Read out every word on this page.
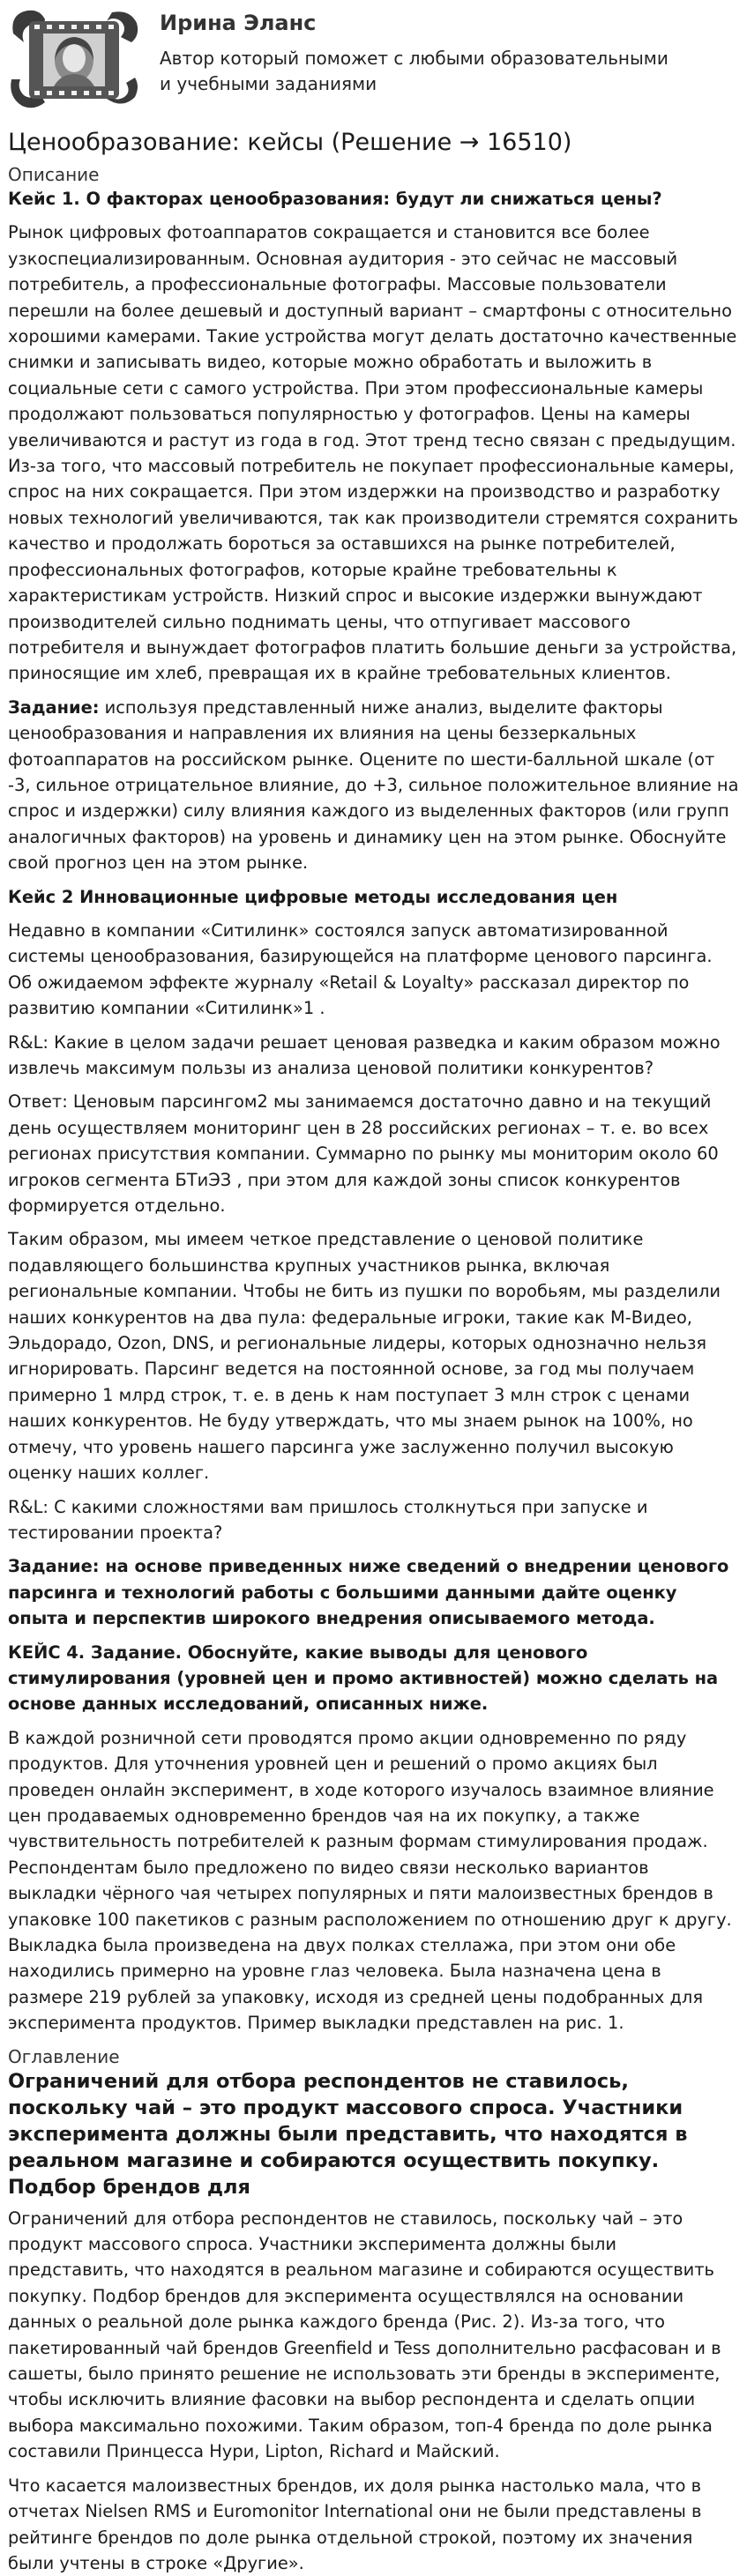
Ирина Эланс
Автор который поможет с любыми образовательными и учебными заданиями
Ценообразование: кейсы (Решение → 16510)
Описание
Кейс 1. О факторах ценообразования: будут ли снижаться цены?

Рынок цифровых фотоаппаратов сокращается и становится все более узкоспециализированным. Основная аудитория - это сейчас не массовый потребитель, а профессиональные фотографы. Массовые пользователи перешли на более дешевый и доступный вариант – смартфоны с относительно хорошими камерами. Такие устройства могут делать достаточно качественные снимки и записывать видео, которые можно обработать и выложить в социальные сети с самого устройства. При этом профессиональные камеры продолжают пользоваться популярностью у фотографов. Цены на камеры увеличиваются и растут из года в год. Этот тренд тесно связан с предыдущим. Из-за того, что массовый потребитель не покупает профессиональные камеры, спрос на них сокращается. При этом издержки на производство и разработку новых технологий увеличиваются, так как производители стремятся сохранить качество и продолжать бороться за оставшихся на рынке потребителей, профессиональных фотографов, которые крайне требовательны к характеристикам устройств. Низкий спрос и высокие издержки вынуждают производителей сильно поднимать цены, что отпугивает массового потребителя и вынуждает фотографов платить большие деньги за устройства, приносящие им хлеб, превращая их в крайне требовательных клиентов.

Задание: используя представленный ниже анализ, выделите факторы ценообразования и направления их влияния на цены беззеркальных фотоаппаратов на российском рынке. Оцените по шести-балльной шкале (от -3, сильное отрицательное влияние, до +3, сильное положительное влияние на спрос и издержки) силу влияния каждого из выделенных факторов (или групп аналогичных факторов) на уровень и динамику цен на этом рынке. Обоснуйте свой прогноз цен на этом рынке.

Кейс 2 Инновационные цифровые методы исследования цен

Недавно в компании «Ситилинк» состоялся запуск автоматизированной системы ценообразования, базирующейся на платформе ценового парсинга. Об ожидаемом эффекте журналу «Retail & Loyalty» рассказал директор по развитию компании «Ситилинк»1 .

R&L: Какие в целом задачи решает ценовая разведка и каким образом можно извлечь максимум пользы из анализа ценовой политики конкурентов?

Ответ: Ценовым парсингом2 мы занимаемся достаточно давно и на текущий день осуществляем мониторинг цен в 28 российских регионах – т. е. во всех регионах присутствия компании. Суммарно по рынку мы мониторим около 60 игроков сегмента БТиЭЗ , при этом для каждой зоны список конкурентов формируется отдельно.

Таким образом, мы имеем четкое представление о ценовой политике подавляющего большинства крупных участников рынка, включая региональные компании. Чтобы не бить из пушки по воробьям, мы разделили наших конкурентов на два пула: федеральные игроки, такие как М-Видео, Эльдорадо, Ozon, DNS, и региональные лидеры, которых однозначно нельзя игнорировать. Парсинг ведется на постоянной основе, за год мы получаем примерно 1 млрд строк, т. е. в день к нам поступает 3 млн строк с ценами наших конкурентов. Не буду утверждать, что мы знаем рынок на 100%, но отмечу, что уровень нашего парсинга уже заслуженно получил высокую оценку наших коллег.

R&L: С какими сложностями вам пришлось столкнуться при запуске и тестировании проекта?

Задание: на основе приведенных ниже сведений о внедрении ценового парсинга и технологий работы с большими данными дайте оценку опыта и перспектив широкого внедрения описываемого метода.
КЕЙС 4. Задание. Обоснуйте, какие выводы для ценового стимулирования (уровней цен и промо активностей) можно сделать на основе данных исследований, описанных ниже.

В каждой розничной сети проводятся промо акции одновременно по ряду продуктов. Для уточнения уровней цен и решений о промо акциях был проведен онлайн эксперимент, в ходе которого изучалось взаимное влияние цен продаваемых одновременно брендов чая на их покупку, а также чувствительность потребителей к разным формам стимулирования продаж. Респондентам было предложено по видео связи несколько вариантов выкладки чёрного чая четырех популярных и пяти малоизвестных брендов в упаковке 100 пакетиков с разным расположением по отношению друг к другу. Выкладка была произведена на двух полках стеллажа, при этом они обе находились примерно на уровне глаз человека. Была назначена цена в размере 219 рублей за упаковку, исходя из средней цены подобранных для эксперимента продуктов. Пример выкладки представлен на рис. 1.

Оглавление
Ограничений для отбора респондентов не ставилось, поскольку чай – это продукт массового спроса. Участники эксперимента должны были представить, что находятся в реальном магазине и собираются осуществить покупку. Подбор брендов для

Ограничений для отбора респондентов не ставилось, поскольку чай – это продукт массового спроса. Участники эксперимента должны были представить, что находятся в реальном магазине и собираются осуществить покупку. Подбор брендов для эксперимента осуществлялся на основании данных о реальной доле рынка каждого бренда (Рис. 2). Из-за того, что пакетированный чай брендов Greenfield и Tess дополнительно расфасован и в сашеты, было принято решение не использовать эти бренды в эксперименте, чтобы исключить влияние фасовки на выбор респондента и сделать опции выбора максимально похожими. Таким образом, топ-4 бренда по доле рынка составили Принцесса Нури, Lipton, Richard и Майский.

Что касается малоизвестных брендов, их доля рынка настолько мала, что в отчетах Nielsen RMS и Euromonitor International они не были представлены в рейтинге брендов по доле рынка отдельной строкой, поэтому их значения были учтены в строке «Другие».
